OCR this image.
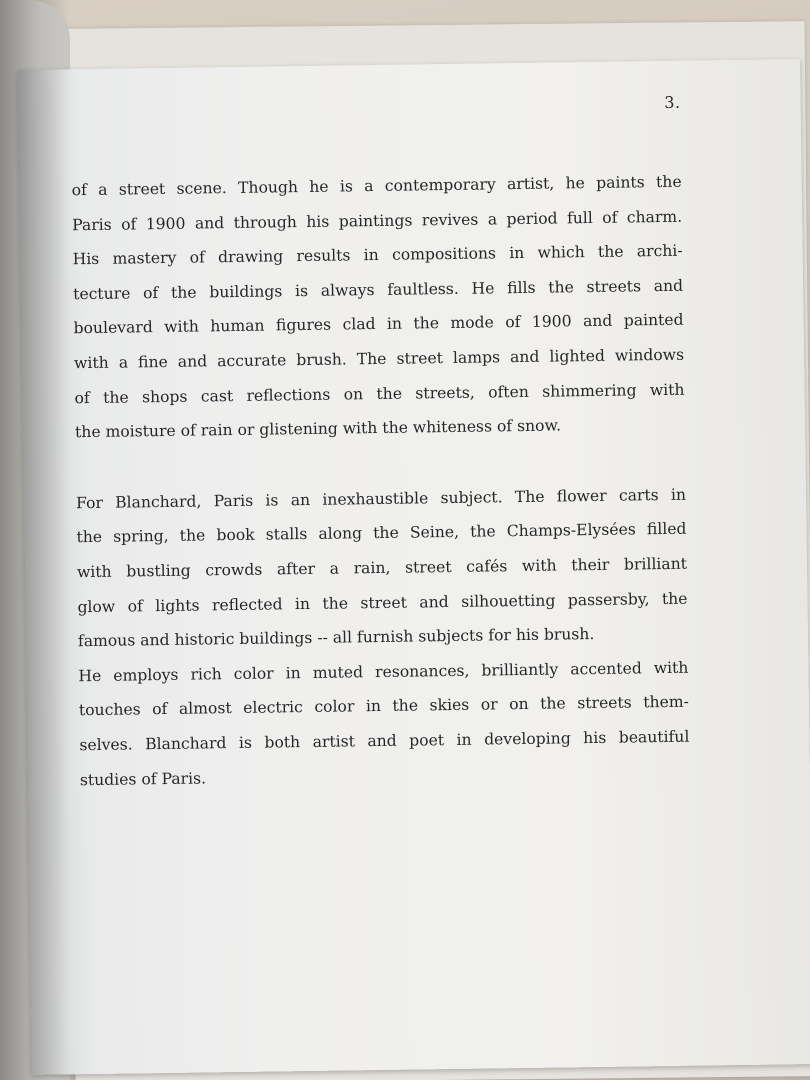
3.
of a street scene. Though he is a contemporary artist, he paints the
Paris of 1900 and through his paintings revives a period full of charm.
His mastery of drawing results in compositions in which the archi-
tecture of the buildings is always faultless. He fills the streets and
boulevard with human figures clad in the mode of 1900 and painted
with a fine and accurate brush. The street lamps and lighted windows
of the shops cast reflections on the streets, often shimmering with
the moisture of rain or glistening with the whiteness of snow.
For Blanchard, Paris is an inexhaustible subject. The flower carts in
the spring, the book stalls along the Seine, the Champs-Elysées filled
with bustling crowds after a rain, street cafés with their brilliant
glow of lights reflected in the street and silhouetting passersby, the
famous and historic buildings -- all furnish subjects for his brush.
He employs rich color in muted resonances, brilliantly accented with
touches of almost electric color in the skies or on the streets them-
selves. Blanchard is both artist and poet in developing his beautiful
studies of Paris.
